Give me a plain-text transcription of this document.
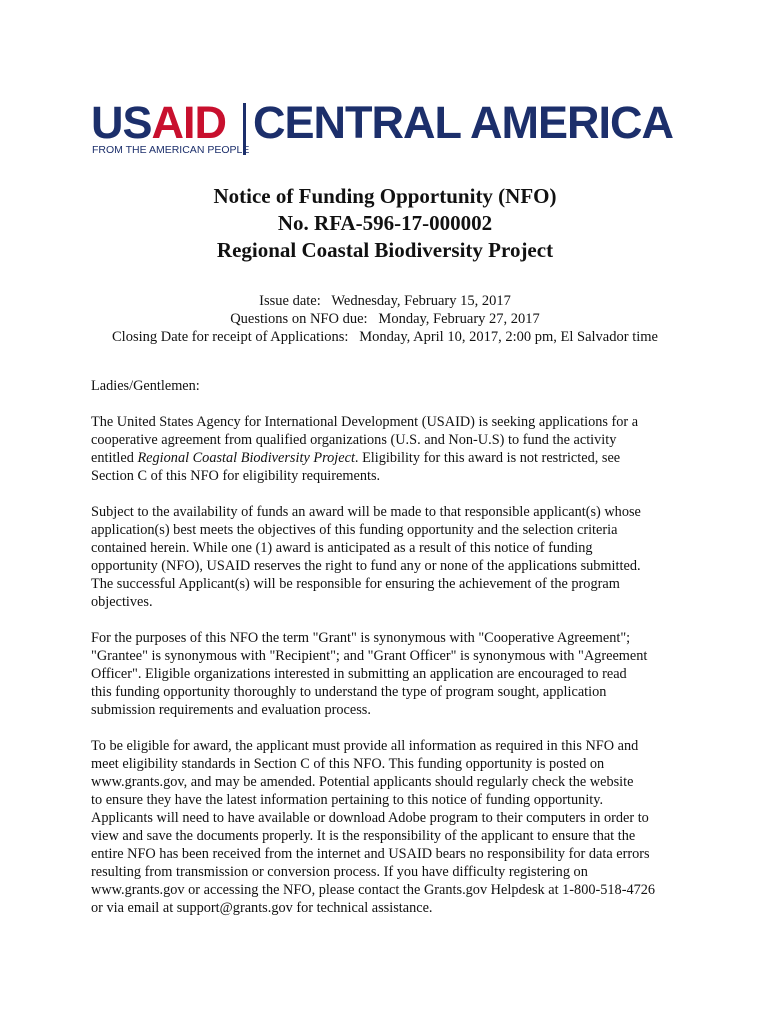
USAID CENTRAL AMERICA
FROM THE AMERICAN PEOPLE
Notice of Funding Opportunity (NFO)
No. RFA-596-17-000002
Regional Coastal Biodiversity Project
Issue date:   Wednesday, February 15, 2017
Questions on NFO due:   Monday, February 27, 2017
Closing Date for receipt of Applications:   Monday, April 10, 2017, 2:00 pm, El Salvador time

Ladies/Gentlemen:

The United States Agency for International Development (USAID) is seeking applications for a
cooperative agreement from qualified organizations (U.S. and Non-U.S) to fund the activity
entitled Regional Coastal Biodiversity Project. Eligibility for this award is not restricted, see
Section C of this NFO for eligibility requirements.

Subject to the availability of funds an award will be made to that responsible applicant(s) whose
application(s) best meets the objectives of this funding opportunity and the selection criteria
contained herein. While one (1) award is anticipated as a result of this notice of funding
opportunity (NFO), USAID reserves the right to fund any or none of the applications submitted.
The successful Applicant(s) will be responsible for ensuring the achievement of the program
objectives.

For the purposes of this NFO the term "Grant" is synonymous with "Cooperative Agreement";
"Grantee" is synonymous with "Recipient"; and "Grant Officer" is synonymous with "Agreement
Officer". Eligible organizations interested in submitting an application are encouraged to read
this funding opportunity thoroughly to understand the type of program sought, application
submission requirements and evaluation process.

To be eligible for award, the applicant must provide all information as required in this NFO and
meet eligibility standards in Section C of this NFO. This funding opportunity is posted on
www.grants.gov, and may be amended. Potential applicants should regularly check the website
to ensure they have the latest information pertaining to this notice of funding opportunity.
Applicants will need to have available or download Adobe program to their computers in order to
view and save the documents properly. It is the responsibility of the applicant to ensure that the
entire NFO has been received from the internet and USAID bears no responsibility for data errors
resulting from transmission or conversion process. If you have difficulty registering on
www.grants.gov or accessing the NFO, please contact the Grants.gov Helpdesk at 1-800-518-4726
or via email at support@grants.gov for technical assistance.
